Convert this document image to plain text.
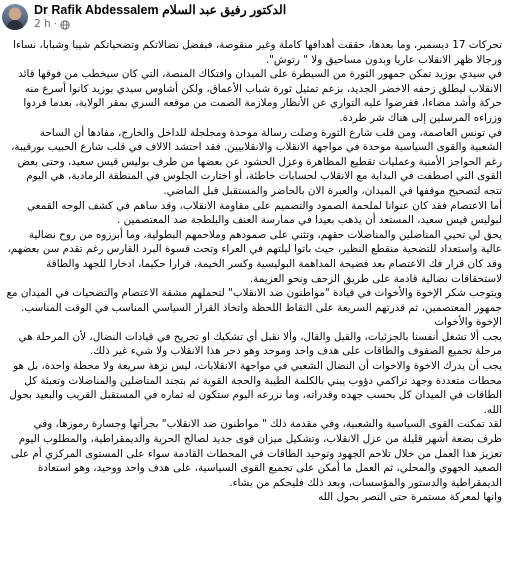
Dr Rafik Abdessalem الدكتور رفيق عبد السلام
2 h ·

تحركات 17 ديسمبر، وما بعدها، حققت أهدافها كاملة وغير منقوصة، فبفضل نضالاتكم وتضحياتكم شيبا وشبابا، نساءا ورجالا ظهر الانقلاب عاريا وبدون مساحيق ولا " رتوش".

في سيدي بوزيد تمكن جمهور الثورة من السيطرة على الميدان وافتكاك المنصة، التي كان سيخطب من فوقها قائد الانقلاب ليطلق زحفه الاخضر الجديد، بزعم تمثيل ثورة شباب الأعماق، ولكن أشاوس سيدي بوزيد كانوا أسرع منه حركة وأشد مضاءا، ففرضوا عليه التواري عن الأنظار وملازمة الصمت من موقعه السري بمقر الولاية، بعدما فردوا وزراءه المرسلين إلى هناك شر طردة.

في تونس العاصمة، ومن قلب شارع الثورة وصلت رسالة موحدة ومجلجلة للداخل والخارج، مفادها أن الساحة الشعبية والقوى السياسية موحدة في مواجهة الانقلاب والانقلابيين. فقد احتشد الالاف في قلب شارع الحبيب بورقيبة، رغم الحواجز الأمنية وعمليات تقطيع المظاهرة وعزل الحشود عن بعضها من طرف بوليس قيس سعيد، وحتى بعض القوى التي اصطفت في البداية مع الانقلاب لحسابات خاطئة، أو اختارت الجلوس في المنطقة الرمادية، هي اليوم تتجه لتصحيح موقفها في الميدان، والعبرة الان بالحاضر والمستقبل قبل الماضي.

أما الاعتصام فقد كان عنوانا لملحمة الصمود والتصميم على مقاومة الانقلاب، وقد ساهم في كشف الوجه القمعي لبوليس قيس سعيد، المستعد أن يذهب بعيدا في ممارسة العنف والبلطجة ضد المعتصمين .

يحق لي تحيي المناضلين والمناضلات حقهم، وتثني على صمودهم وملاحمهم البطولية، وما أبرزوه من روح نضالية عالية واستعداد للتضحية منقطع النظير، حيث باتوا ليلتهم في العراء وتحت قسوة البرد القارس رغم تقدم سن بعضهم، وقد كان قرار فك الاعتصام بعد فضيحة المداهمة البوليسية وكسر الخيمة، قرارا حكيما، ادخارا للجهد والطاقة لاستحقاقات نضالية قادمة على طريق الزحف ونحو العزيمة.

ويتوجب شكر الإخوة والأخوات في قيادة "مواطنون ضد الانقلاب" لتحملهم مشقة الاعتصام والتضحيات في الميدان مع جمهور المعتصمين، ثم قدرتهم السريعة على التقاط اللحظة واتخاذ القرار السياسي المناسب في الوقت المناسب.

الإخوة والأخوات

يجب ألا تشغل أنفسنا بالجزئيات، والقيل والقال، وألا نقبل أي تشكيك او تجريح في قيادات النضال، لأن المرحلة هي مرحلة تجميع الصفوف والطاقات على هدف واحد وموحد وهو دحر هذا الانقلاب ولا شيء غير ذلك.

يجب أن يدرك الاخوة والاخوات أن النضال الشعبي في مواجهة الانقلابات، ليس نزهة سريعة ولا محطة واحدة، بل هو محطات متعددة وجهد تراكمي دؤوب يبني بالكلمة الطيبة والحجة القوية ثم بتجند المناضلين والمناضلات وتعبئة كل الطاقات في الميدان كل بحسب جهده وقدراته، وما نزرعه اليوم ستكون له ثماره في المستقبل القريب والبعيد بحول الله.

لقد تمكنت القوى السياسية والشعبية، وفي مقدمة ذلك " مواطنون ضد الانقلاب" بجرأتها وجسارة رموزها، وفي ظرف بضعة أشهر قليلة من عزل الانقلاب، وتشكيل ميزان قوى جديد لصالح الحرية والديمقراطية، والمطلوب اليوم تعزيز هذا العمل من خلال تلاحم الجهود وتوحيد الطاقات في المحطات القادمة سواء على المستوى المركزي أم على الصعيد الجهوي والمحلي، ثم العمل ما أمكن على تجميع القوى السياسية، على هدف واحد ووحيد، وهو استعادة الديمقراطية والدستور والمؤسسات، وبعد ذلك فليحكم من يشاء.

وانها لمعركة مستمرة حتى النصر بحول الله
